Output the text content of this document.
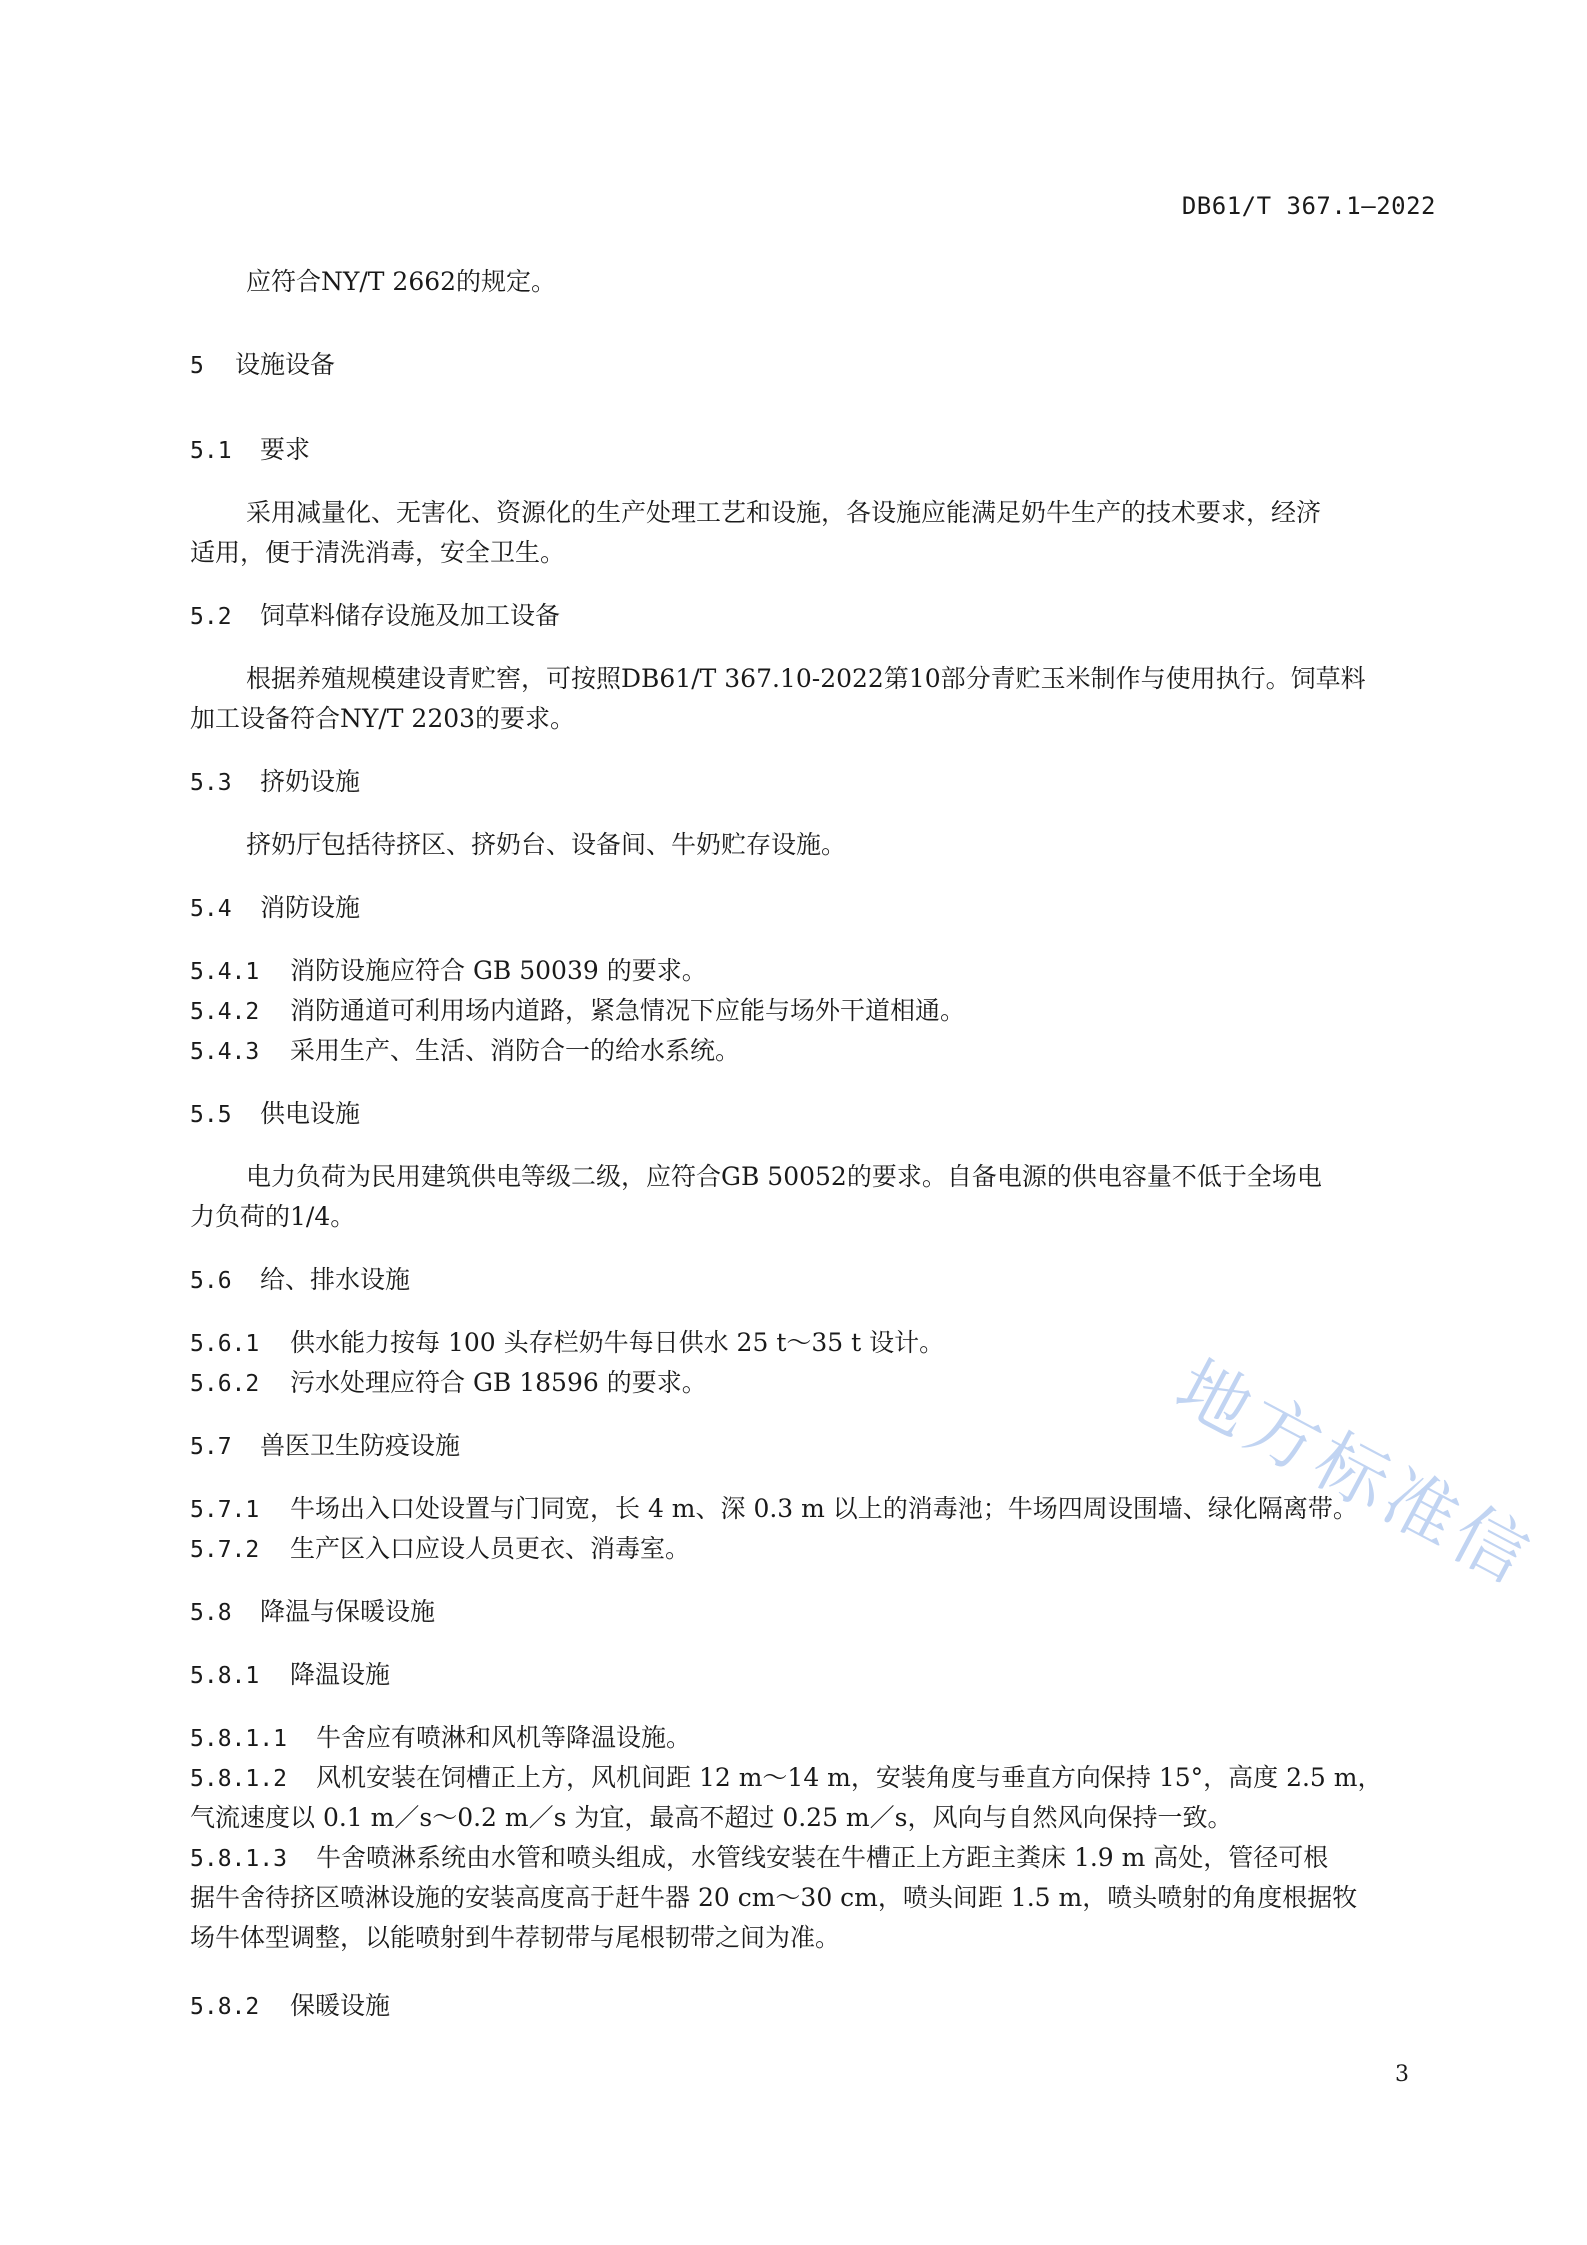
DB61/T 367.1—2022
应符合NY/T 2662的规定。
5 设施设备
5.1 要求
采用减量化、无害化、资源化的生产处理工艺和设施，各设施应能满足奶牛生产的技术要求，经济
适用，便于清洗消毒，安全卫生。
5.2 饲草料储存设施及加工设备
根据养殖规模建设青贮窖，可按照DB61/T 367.10-2022第10部分青贮玉米制作与使用执行。饲草料
加工设备符合NY/T 2203的要求。
5.3 挤奶设施
挤奶厅包括待挤区、挤奶台、设备间、牛奶贮存设施。
5.4 消防设施
5.4.1 消防设施应符合 GB 50039 的要求。
5.4.2 消防通道可利用场内道路，紧急情况下应能与场外干道相通。
5.4.3 采用生产、生活、消防合一的给水系统。
5.5 供电设施
电力负荷为民用建筑供电等级二级，应符合GB 50052的要求。自备电源的供电容量不低于全场电
力负荷的1/4。
5.6 给、排水设施
5.6.1 供水能力按每 100 头存栏奶牛每日供水 25 t～35 t 设计。
5.6.2 污水处理应符合 GB 18596 的要求。
5.7 兽医卫生防疫设施
5.7.1 牛场出入口处设置与门同宽，长 4 m、深 0.3 m 以上的消毒池；牛场四周设围墙、绿化隔离带。
5.7.2 生产区入口应设人员更衣、消毒室。
5.8 降温与保暖设施
5.8.1 降温设施
5.8.1.1 牛舍应有喷淋和风机等降温设施。
5.8.1.2 风机安装在饲槽正上方，风机间距 12 m～14 m，安装角度与垂直方向保持 15°，高度 2.5 m，
气流速度以 0.1 m／s～0.2 m／s 为宜，最高不超过 0.25 m／s，风向与自然风向保持一致。
5.8.1.3 牛舍喷淋系统由水管和喷头组成，水管线安装在牛槽正上方距主粪床 1.9 m 高处，管径可根
据牛舍待挤区喷淋设施的安装高度高于赶牛器 20 cm～30 cm，喷头间距 1.5 m，喷头喷射的角度根据牧
场牛体型调整，以能喷射到牛荐韧带与尾根韧带之间为准。
5.8.2 保暖设施
地方标准信
3
